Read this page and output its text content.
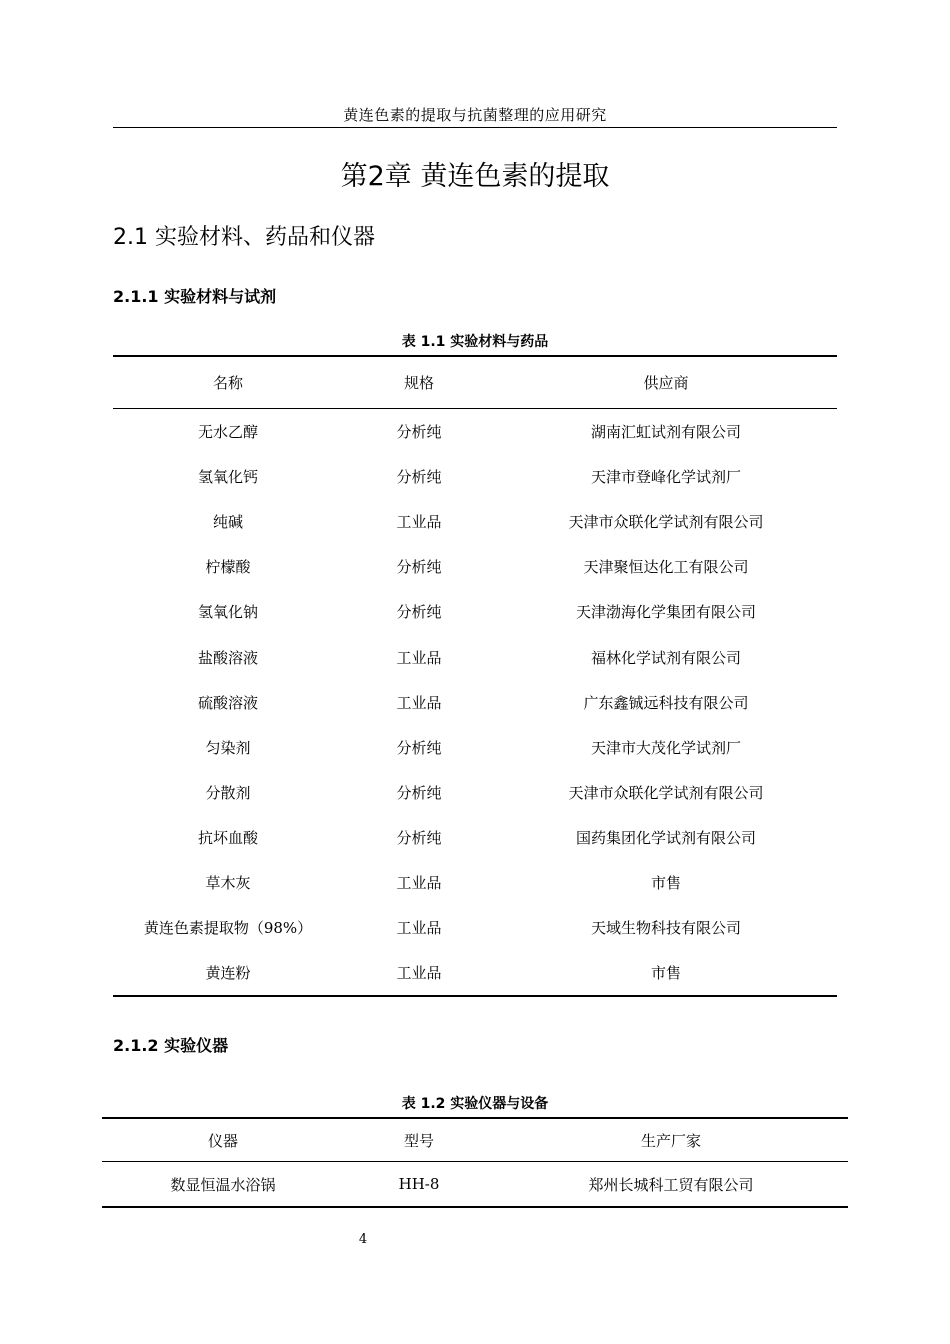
黄连色素的提取与抗菌整理的应用研究
第2章 黄连色素的提取
2.1 实验材料、药品和仪器
2.1.1 实验材料与试剂
表 1.1 实验材料与药品
名称	规格	供应商
无水乙醇	分析纯	湖南汇虹试剂有限公司
氢氧化钙	分析纯	天津市登峰化学试剂厂
纯碱	工业品	天津市众联化学试剂有限公司
柠檬酸	分析纯	天津聚恒达化工有限公司
氢氧化钠	分析纯	天津渤海化学集团有限公司
盐酸溶液	工业品	福林化学试剂有限公司
硫酸溶液	工业品	广东鑫铖远科技有限公司
匀染剂	分析纯	天津市大茂化学试剂厂
分散剂	分析纯	天津市众联化学试剂有限公司
抗坏血酸	分析纯	国药集团化学试剂有限公司
草木灰	工业品	市售
黄连色素提取物（98%）	工业品	天域生物科技有限公司
黄连粉	工业品	市售
2.1.2 实验仪器
表 1.2 实验仪器与设备
仪器	型号	生产厂家
数显恒温水浴锅	HH-8	郑州长城科工贸有限公司
4
